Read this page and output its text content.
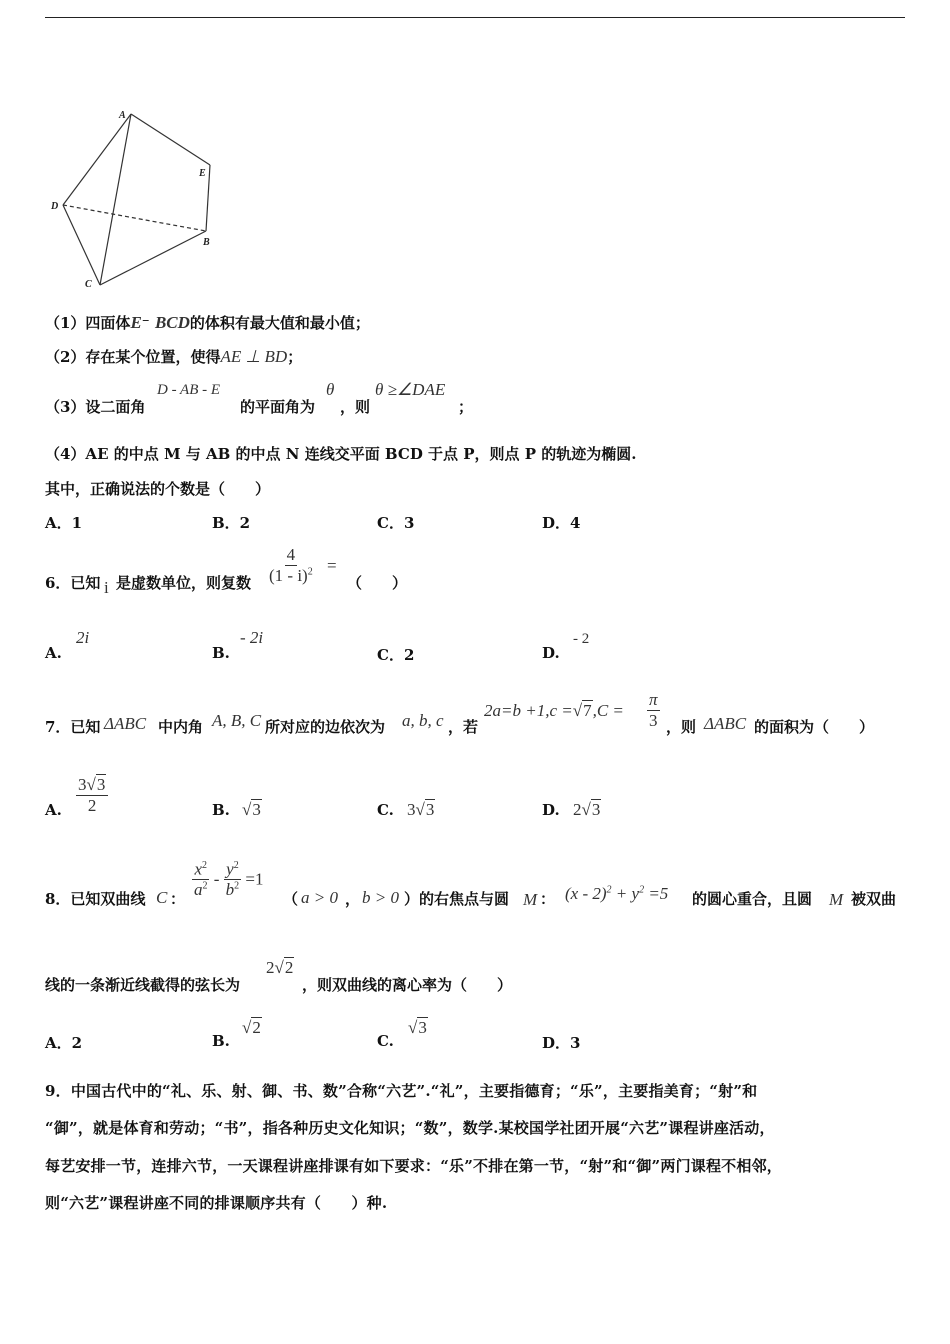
A
E
D
B
C
（1）四面体E⁻ BCD的体积有最大值和最小值；
（2）存在某个位置，使得AE ⊥ BD；
（3）设二面角
D - AB - E
的平面角为
θ
，则
θ ≥∠DAE
；
（4）AE 的中点 M 与 AB 的中点 N 连线交平面 BCD 于点 P，则点 P 的轨迹为椭圆.
其中，正确说法的个数是（　　）
A．1	B．2	C．3	D．4
6．已知 i 是虚数单位，则复数 $\frac{4}{(1 - i)^2}$ =
（　　）
A.
2i
B.
- 2i
C．2	D.
- 2
7．已知 ΔABC 中内角 A, B, C 所对应的边依次为 a, b, c ，若
$2a=b +1,c =√7,C = \frac{\pi}{3}$ ，则 ΔABC 的面积为（　　）
A. $\frac{3√3}{2}$	B. √3	C. 3√3	D. 2√3
8．已知双曲线 C ： $\frac{x^2}{a^2} - \frac{y^2}{b^2} =1$
（ a > 0 ， b > 0 ）的右焦点与圆 M ： $(x - 2)^2 + y^2 =5$ 的圆心重合，且圆 M 被双曲
线的一条渐近线截得的弦长为
2√2
，则双曲线的离心率为（　　）
A．2	B.
√2
C.
√3
D．3
9．中国古代中的“礼、乐、射、御、书、数”合称“六艺”.“礼”，主要指德育；“乐”，主要指美育；“射”和
“御”，就是体育和劳动；“书”，指各种历史文化知识；“数”，数学.某校国学社团开展“六艺”课程讲座活动，
每艺安排一节，连排六节，一天课程讲座排课有如下要求：“乐”不排在第一节，“射”和“御”两门课程不相邻，
则“六艺”课程讲座不同的排课顺序共有（　　）种.
